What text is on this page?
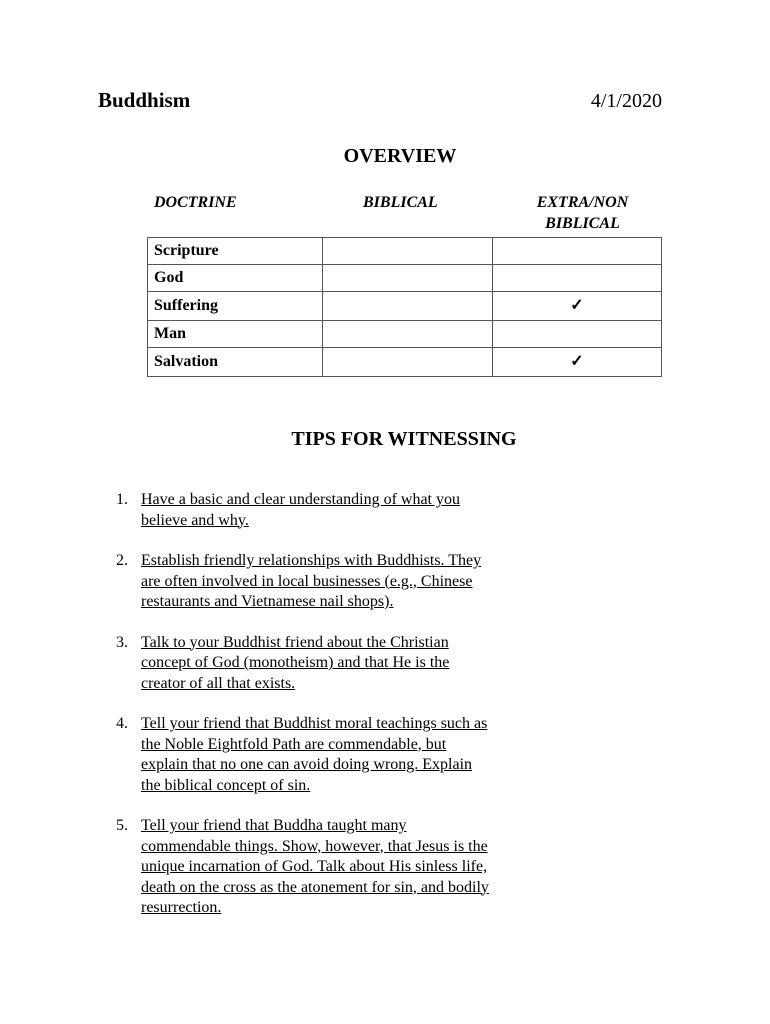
Buddhism	4/1/2020
OVERVIEW
DOCTRINE	BIBLICAL	EXTRA/NON
BIBLICAL
Scripture		
God		
Suffering		✓
Man		
Salvation		✓
TIPS FOR WITNESSING
1. Have a basic and clear understanding of what you
believe and why.
2. Establish friendly relationships with Buddhists. They
are often involved in local businesses (e.g., Chinese
restaurants and Vietnamese nail shops).
3. Talk to your Buddhist friend about the Christian
concept of God (monotheism) and that He is the
creator of all that exists.
4. Tell your friend that Buddhist moral teachings such as
the Noble Eightfold Path are commendable, but
explain that no one can avoid doing wrong. Explain
the biblical concept of sin.
5. Tell your friend that Buddha taught many
commendable things. Show, however, that Jesus is the
unique incarnation of God. Talk about His sinless life,
death on the cross as the atonement for sin, and bodily
resurrection.
